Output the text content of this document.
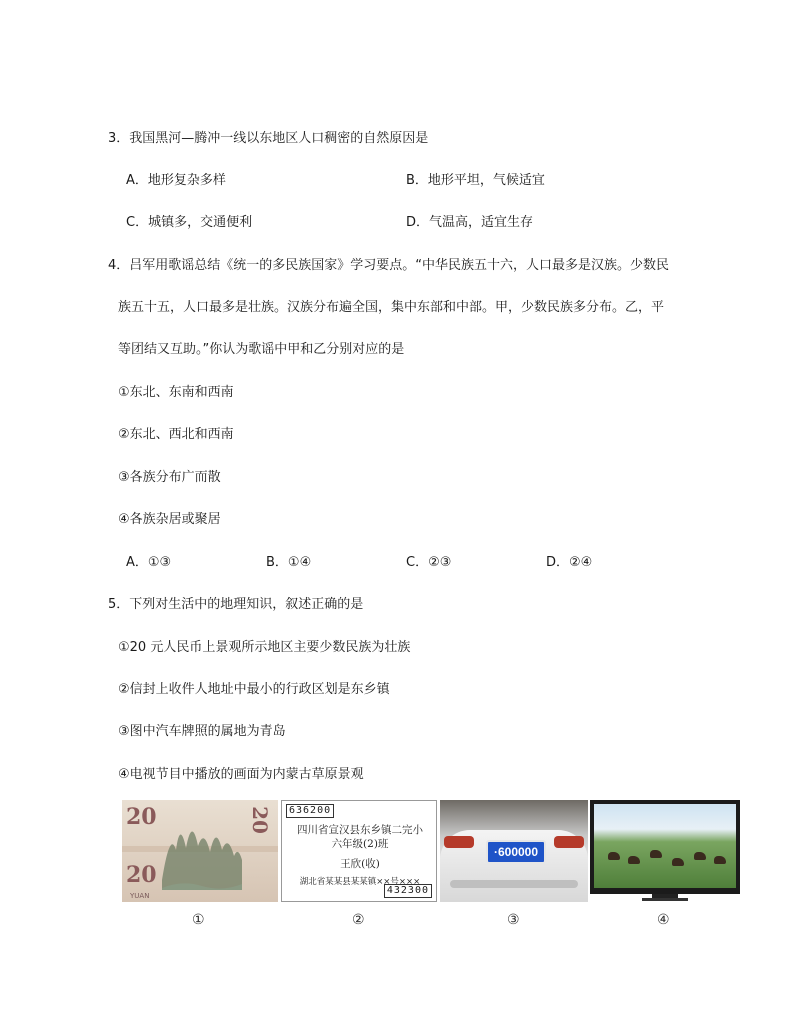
3．我国黑河—腾冲一线以东地区人口稠密的自然原因是
A．地形复杂多样	B．地形平坦，气候适宜
C．城镇多，交通便利	D．气温高，适宜生存
4．吕军用歌谣总结《统一的多民族国家》学习要点。“中华民族五十六，人口最多是汉族。少数民
族五十五，人口最多是壮族。汉族分布遍全国，集中东部和中部。甲，少数民族多分布。乙，平
等团结又互助。”你认为歌谣中甲和乙分别对应的是
①东北、东南和西南
②东北、西北和西南
③各族分布广而散
④各族杂居或聚居
A．①③	B．①④	C．②③	D．②④
5．下列对生活中的地理知识，叙述正确的是
①20 元人民币上景观所示地区主要少数民族为壮族
②信封上收件人地址中最小的行政区划是东乡镇
③图中汽车牌照的属地为青岛
④电视节目中播放的画面为内蒙古草原景观
20	20
20
YUAN
636200
四川省宣汉县东乡镇二完小
六年级(2)班
王欣(收)
湖北省某某县某某镇××号×××
432300
·600000
①	②	③	④
